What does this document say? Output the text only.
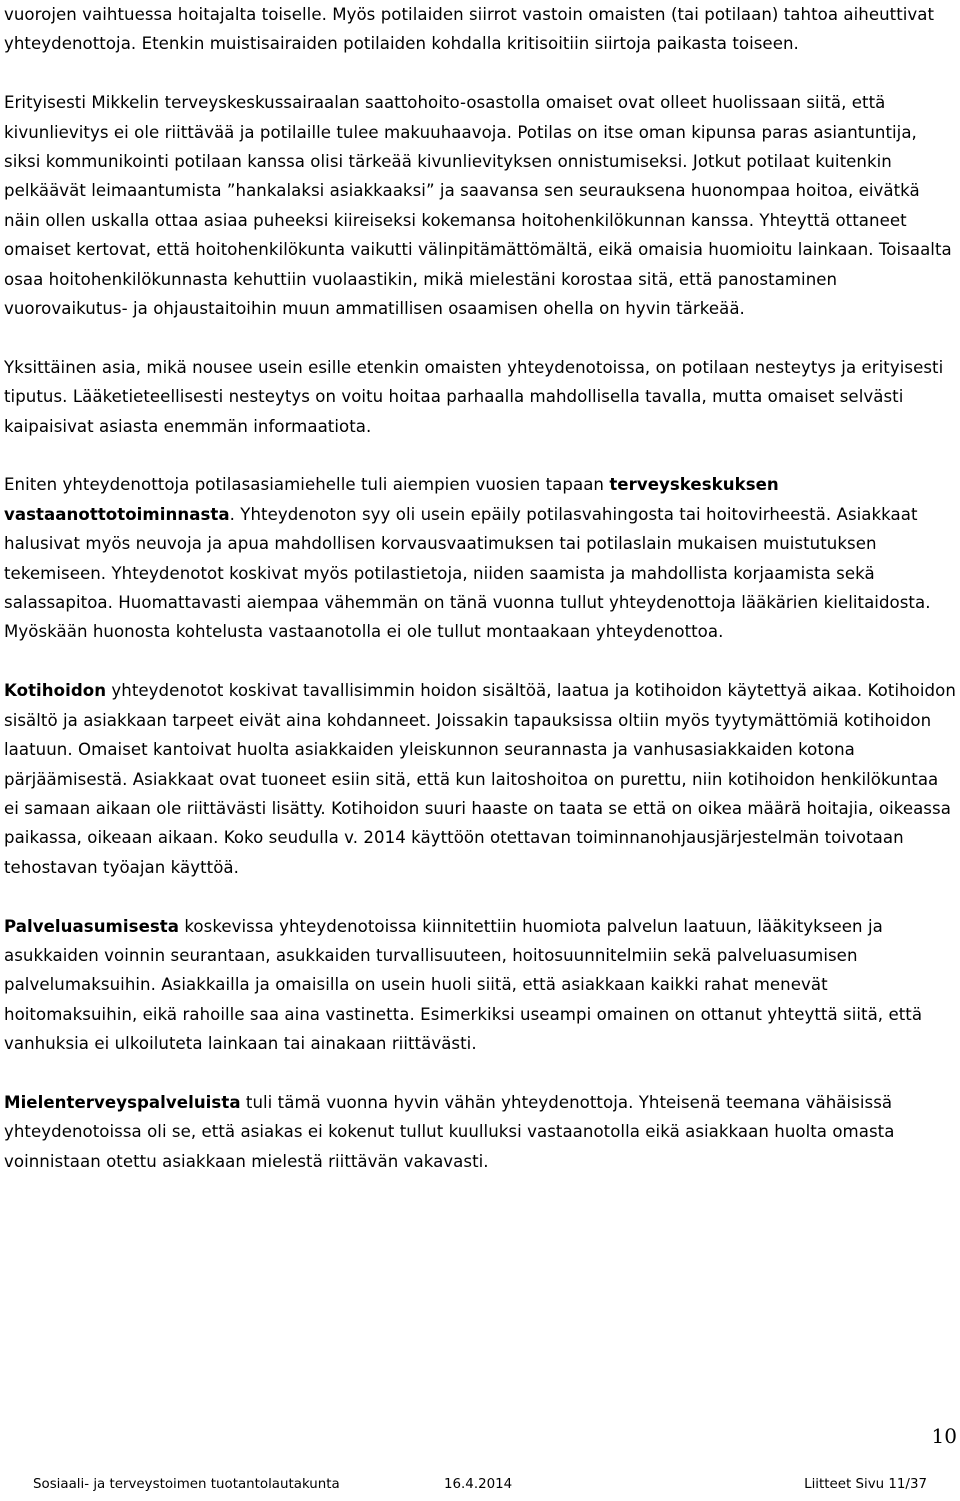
vuorojen vaihtuessa hoitajalta toiselle. Myös potilaiden siirrot vastoin omaisten (tai potilaan) tahtoa aiheuttivat yhteydenottoja. Etenkin muistisairaiden potilaiden kohdalla kritisoitiin siirtoja paikasta toiseen.

Erityisesti Mikkelin terveyskeskussairaalan saattohoito-osastolla omaiset ovat olleet huolissaan siitä, että kivunlievitys ei ole riittävää ja potilaille tulee makuuhaavoja. Potilas on itse oman kipunsa paras asiantuntija, siksi kommunikointi potilaan kanssa olisi tärkeää kivunlievityksen onnistumiseksi. Jotkut potilaat kuitenkin pelkäävät leimaantumista ”hankalaksi asiakkaaksi” ja saavansa sen seurauksena huonompaa hoitoa, eivätkä näin ollen uskalla ottaa asiaa puheeksi kiireiseksi kokemansa hoitohenkilökunnan kanssa. Yhteyttä ottaneet omaiset kertovat, että hoitohenkilökunta vaikutti välinpitämättömältä, eikä omaisia huomioitu lainkaan. Toisaalta osaa hoitohenkilökunnasta kehuttiin vuolaastikin, mikä mielestäni korostaa sitä, että panostaminen vuorovaikutus- ja ohjaustaitoihin muun ammatillisen osaamisen ohella on hyvin tärkeää.

Yksittäinen asia, mikä nousee usein esille etenkin omaisten yhteydenotoissa, on potilaan nesteytys ja erityisesti tiputus. Lääketieteellisesti nesteytys on voitu hoitaa parhaalla mahdollisella tavalla, mutta omaiset selvästi kaipaisivat asiasta enemmän informaatiota.

Eniten yhteydenottoja potilasasiamiehelle tuli aiempien vuosien tapaan terveyskeskuksen vastaanottotoiminnasta. Yhteydenoton syy oli usein epäily potilasvahingosta tai hoitovirheestä. Asiakkaat halusivat myös neuvoja ja apua mahdollisen korvausvaatimuksen tai potilaslain mukaisen muistutuksen tekemiseen. Yhteydenotot koskivat myös potilastietoja, niiden saamista ja mahdollista korjaamista sekä salassapitoa. Huomattavasti aiempaa vähemmän on tänä vuonna tullut yhteydenottoja lääkärien kielitaidosta. Myöskään huonosta kohtelusta vastaanotolla ei ole tullut montaakaan yhteydenottoa.

Kotihoidon yhteydenotot koskivat tavallisimmin hoidon sisältöä, laatua ja kotihoidon käytettyä aikaa. Kotihoidon sisältö ja asiakkaan tarpeet eivät aina kohdanneet. Joissakin tapauksissa oltiin myös tyytymättömiä kotihoidon laatuun. Omaiset kantoivat huolta asiakkaiden yleiskunnon seurannasta ja vanhusasiakkaiden kotona pärjäämisestä. Asiakkaat ovat tuoneet esiin sitä, että kun laitoshoitoa on purettu, niin kotihoidon henkilökuntaa ei samaan aikaan ole riittävästi lisätty. Kotihoidon suuri haaste on taata se että on oikea määrä hoitajia, oikeassa paikassa, oikeaan aikaan. Koko seudulla v. 2014 käyttöön otettavan toiminnanohjausjärjestelmän toivotaan tehostavan työajan käyttöä.

Palveluasumisesta koskevissa yhteydenotoissa kiinnitettiin huomiota palvelun laatuun, lääkitykseen ja asukkaiden voinnin seurantaan, asukkaiden turvallisuuteen, hoitosuunnitelmiin sekä palveluasumisen palvelumaksuihin. Asiakkailla ja omaisilla on usein huoli siitä, että asiakkaan kaikki rahat menevät hoitomaksuihin, eikä rahoille saa aina vastinetta. Esimerkiksi useampi omainen on ottanut yhteyttä siitä, että vanhuksia ei ulkoiluteta lainkaan tai ainakaan riittävästi.

Mielenterveyspalveluista tuli tämä vuonna hyvin vähän yhteydenottoja. Yhteisenä teemana vähäisissä yhteydenotoissa oli se, että asiakas ei kokenut tullut kuulluksi vastaanotolla eikä asiakkaan huolta omasta voinnistaan otettu asiakkaan mielestä riittävän vakavasti.

10
Sosiaali- ja terveystoimen tuotantolautakunta	16.4.2014	Liitteet Sivu 11/37
